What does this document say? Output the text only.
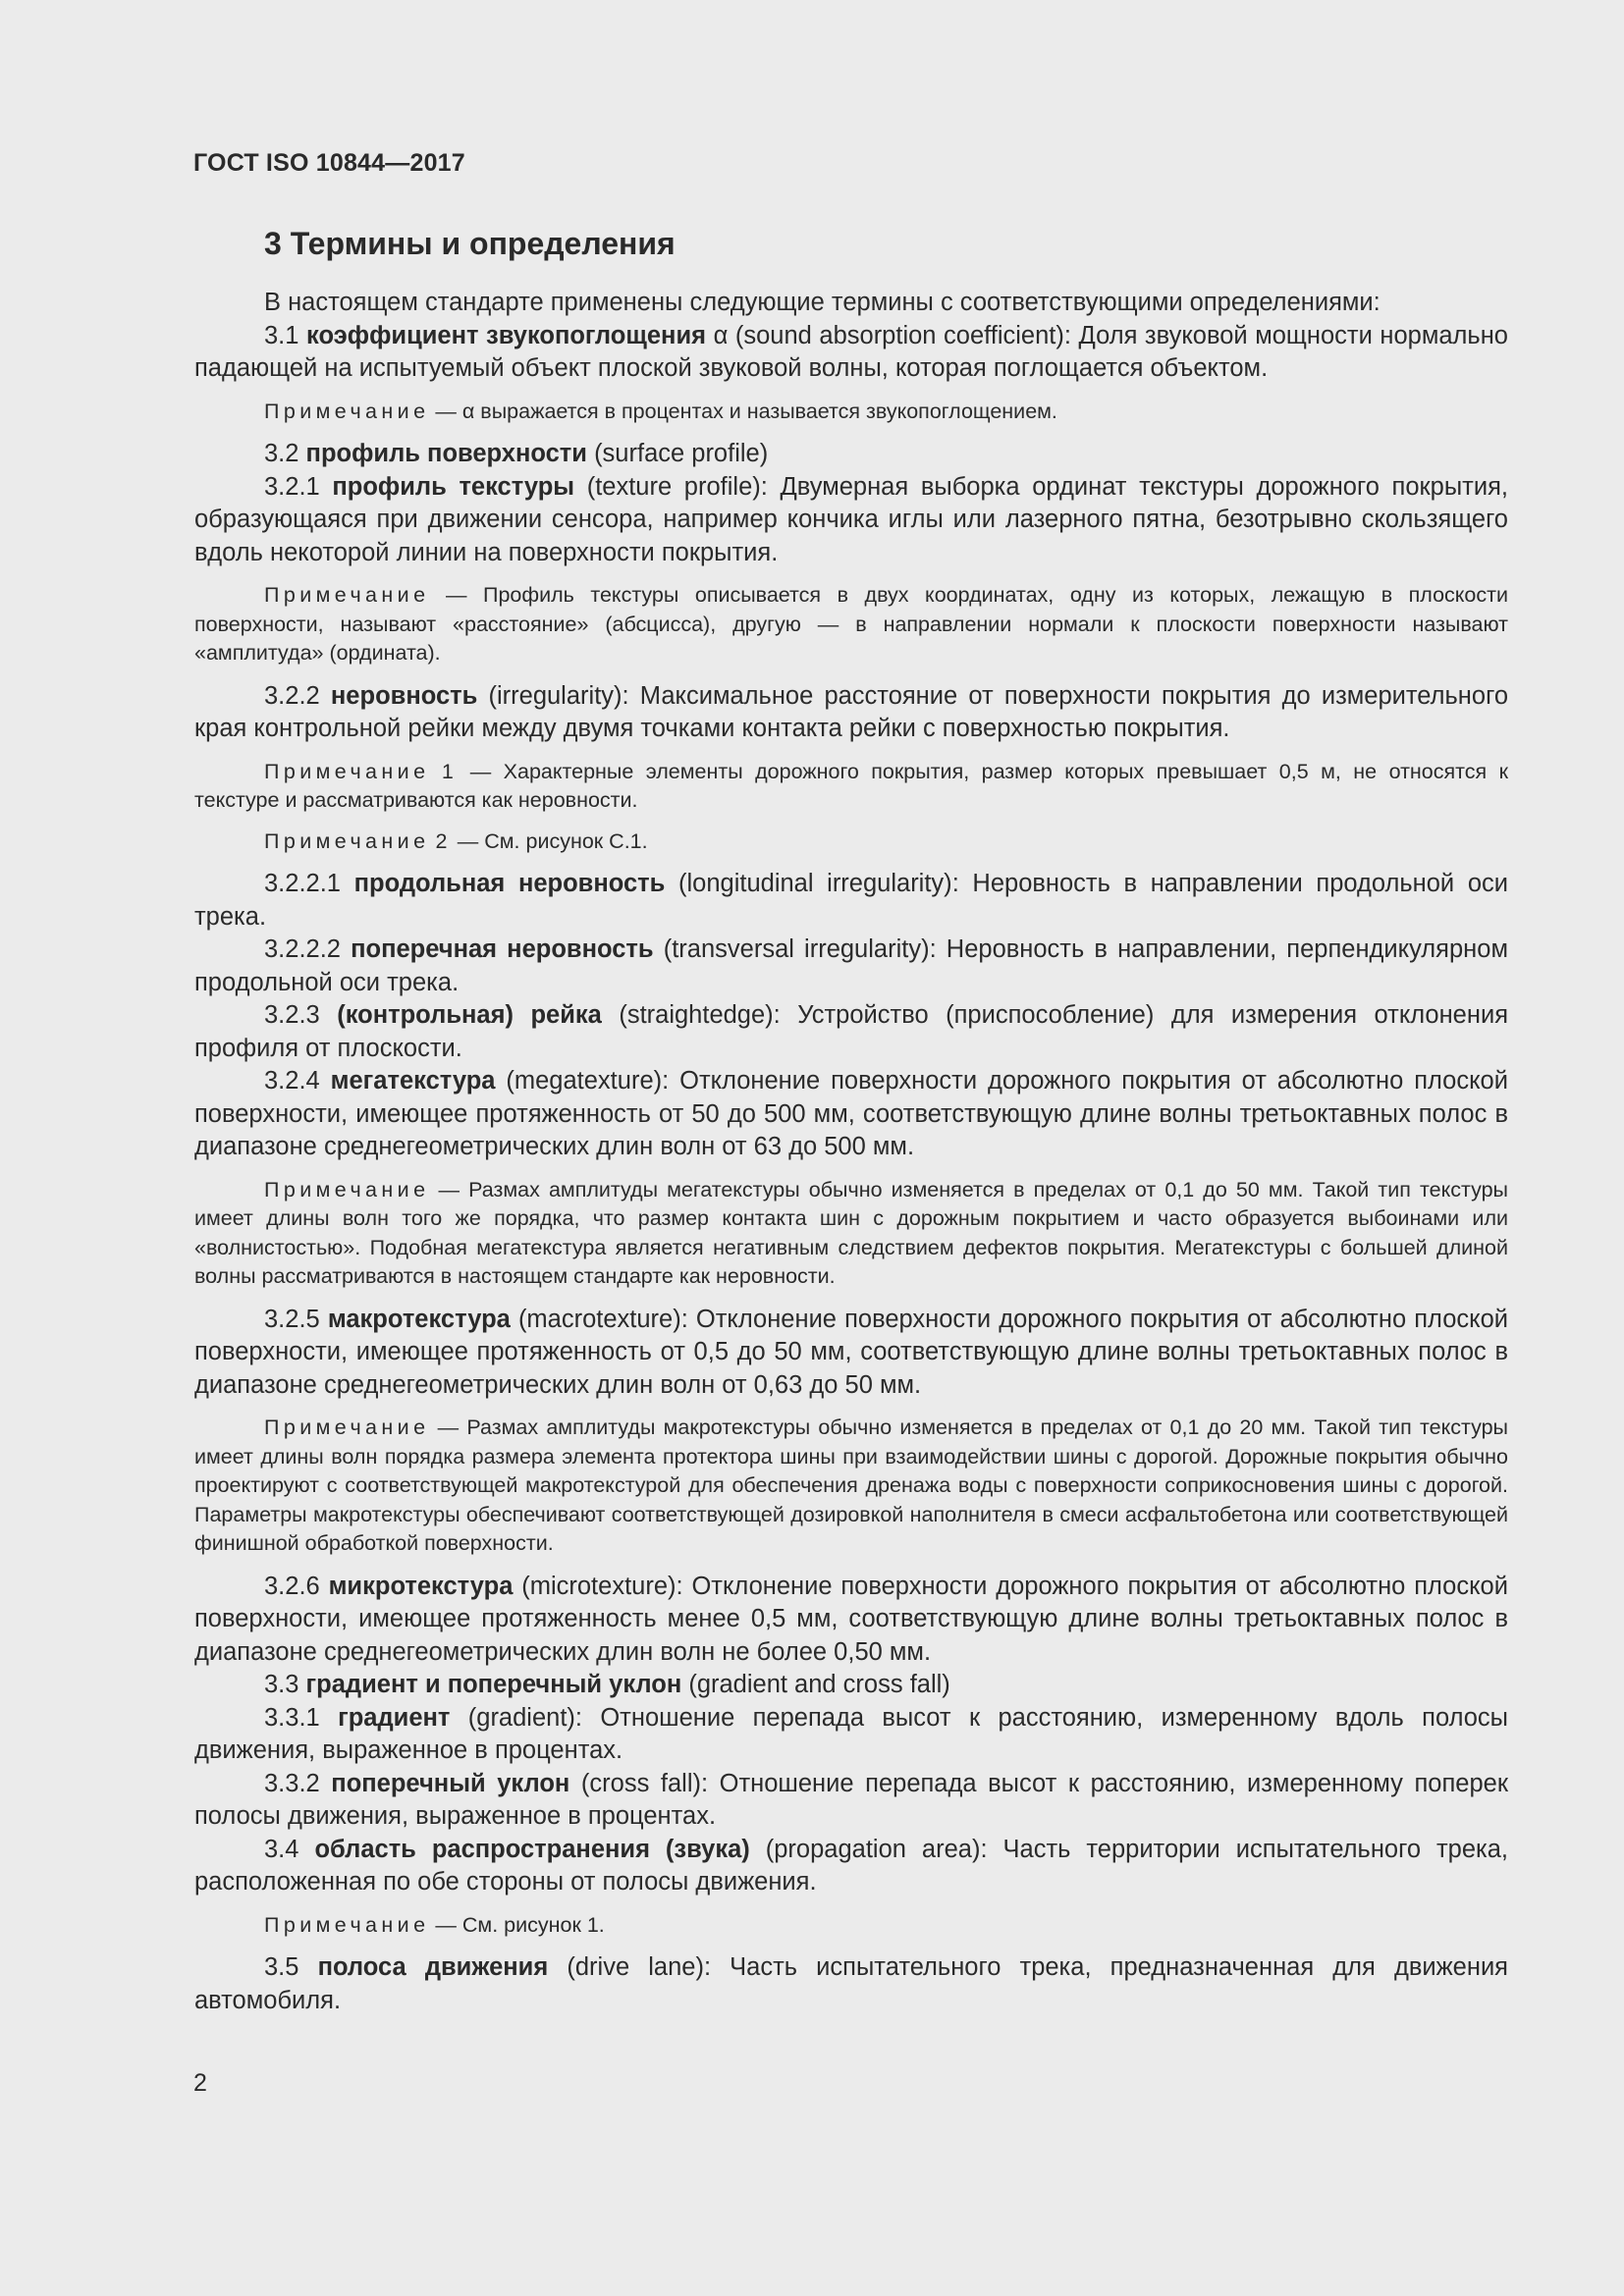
ГОСТ ISO 10844—2017
3 Термины и определения

В настоящем стандарте применены следующие термины с соответствующими определениями:

3.1 коэффициент звукопоглощения α (sound absorption coefficient): Доля звуковой мощности нормально падающей на испытуемый объект плоской звуковой волны, которая поглощается объектом.

Примечание — α выражается в процентах и называется звукопоглощением.

3.2 профиль поверхности (surface profile)

3.2.1 профиль текстуры (texture profile): Двумерная выборка ординат текстуры дорожного покрытия, образующаяся при движении сенсора, например кончика иглы или лазерного пятна, безотрывно скользящего вдоль некоторой линии на поверхности покрытия.

Примечание — Профиль текстуры описывается в двух координатах, одну из которых, лежащую в плоскости поверхности, называют «расстояние» (абсцисса), другую — в направлении нормали к плоскости поверхности называют «амплитуда» (ордината).

3.2.2 неровность (irregularity): Максимальное расстояние от поверхности покрытия до измерительного края контрольной рейки между двумя точками контакта рейки с поверхностью покрытия.

Примечание 1 — Характерные элементы дорожного покрытия, размер которых превышает 0,5 м, не относятся к текстуре и рассматриваются как неровности.

Примечание 2 — См. рисунок С.1.

3.2.2.1 продольная неровность (longitudinal irregularity): Неровность в направлении продольной оси трека.

3.2.2.2 поперечная неровность (transversal irregularity): Неровность в направлении, перпендикулярном продольной оси трека.

3.2.3 (контрольная) рейка (straightedge): Устройство (приспособление) для измерения отклонения профиля от плоскости.

3.2.4 мегатекстура (megatexture): Отклонение поверхности дорожного покрытия от абсолютно плоской поверхности, имеющее протяженность от 50 до 500 мм, соответствующую длине волны третьоктавных полос в диапазоне среднегеометрических длин волн от 63 до 500 мм.

Примечание — Размах амплитуды мегатекстуры обычно изменяется в пределах от 0,1 до 50 мм. Такой тип текстуры имеет длины волн того же порядка, что размер контакта шин с дорожным покрытием и часто образуется выбоинами или «волнистостью». Подобная мегатекстура является негативным следствием дефектов покрытия. Мегатекстуры с большей длиной волны рассматриваются в настоящем стандарте как неровности.

3.2.5 макротекстура (macrotexture): Отклонение поверхности дорожного покрытия от абсолютно плоской поверхности, имеющее протяженность от 0,5 до 50 мм, соответствующую длине волны третьоктавных полос в диапазоне среднегеометрических длин волн от 0,63 до 50 мм.

Примечание — Размах амплитуды макротекстуры обычно изменяется в пределах от 0,1 до 20 мм. Такой тип текстуры имеет длины волн порядка размера элемента протектора шины при взаимодействии шины с дорогой. Дорожные покрытия обычно проектируют с соответствующей макротекстурой для обеспечения дренажа воды с поверхности соприкосновения шины с дорогой. Параметры макротекстуры обеспечивают соответствующей дозировкой наполнителя в смеси асфальтобетона или соответствующей финишной обработкой поверхности.

3.2.6 микротекстура (microtexture): Отклонение поверхности дорожного покрытия от абсолютно плоской поверхности, имеющее протяженность менее 0,5 мм, соответствующую длине волны третьоктавных полос в диапазоне среднегеометрических длин волн не более 0,50 мм.

3.3 градиент и поперечный уклон (gradient and cross fall)

3.3.1 градиент (gradient): Отношение перепада высот к расстоянию, измеренному вдоль полосы движения, выраженное в процентах.

3.3.2 поперечный уклон (cross fall): Отношение перепада высот к расстоянию, измеренному поперек полосы движения, выраженное в процентах.

3.4 область распространения (звука) (propagation area): Часть территории испытательного трека, расположенная по обе стороны от полосы движения.

Примечание — См. рисунок 1.

3.5 полоса движения (drive lane): Часть испытательного трека, предназначенная для движения автомобиля.

2
